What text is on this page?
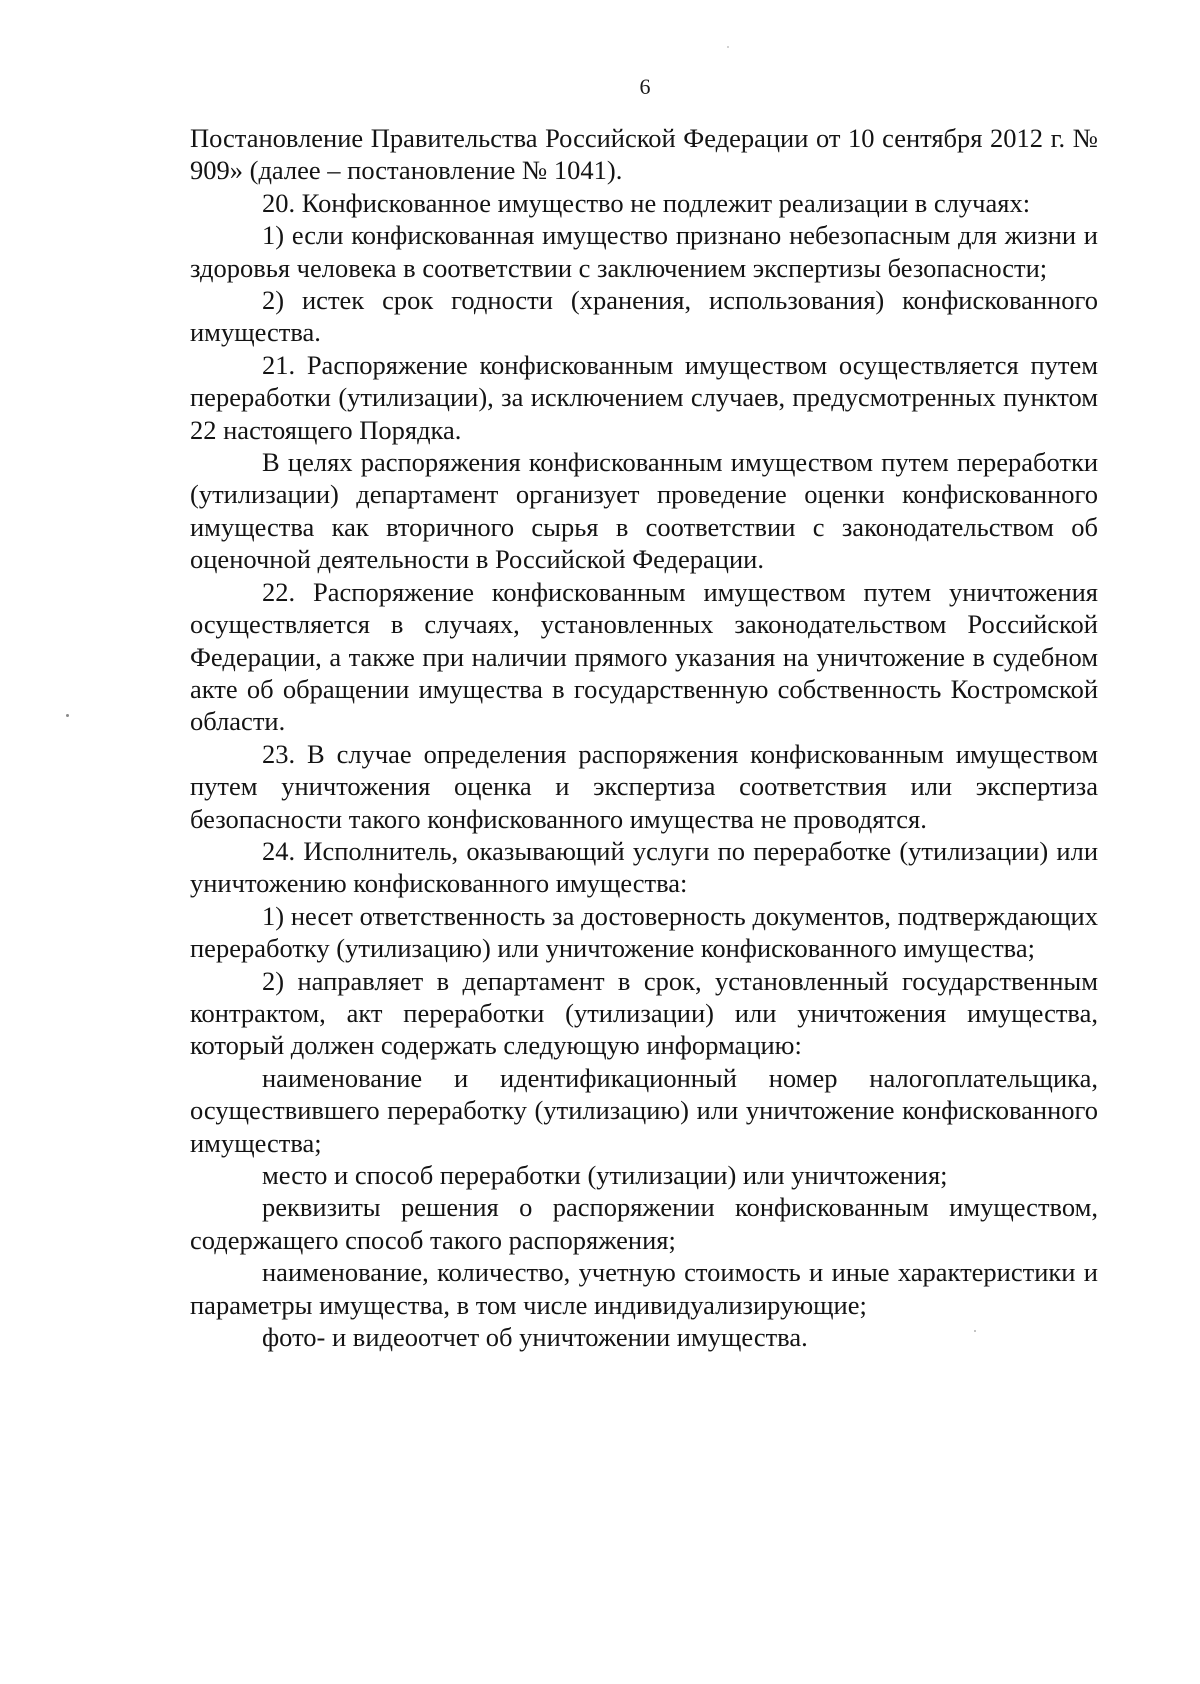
6

Постановление Правительства Российской Федерации от 10 сентября 2012 г. № 909» (далее – постановление № 1041).

20. Конфискованное имущество не подлежит реализации в случаях:

1) если конфискованная имущество признано небезопасным для жизни и здоровья человека в соответствии с заключением экспертизы безопасности;

2) истек срок годности (хранения, использования) конфискованного имущества.

21. Распоряжение конфискованным имуществом осуществляется путем переработки (утилизации), за исключением случаев, предусмотренных пунктом 22 настоящего Порядка.

В целях распоряжения конфискованным имуществом путем переработки (утилизации) департамент организует проведение оценки конфискованного имущества как вторичного сырья в соответствии с законодательством об оценочной деятельности в Российской Федерации.

22. Распоряжение конфискованным имуществом путем уничтожения осуществляется в случаях, установленных законодательством Российской Федерации, а также при наличии прямого указания на уничтожение в судебном акте об обращении имущества в государственную собственность Костромской области.

23. В случае определения распоряжения конфискованным имуществом путем уничтожения оценка и экспертиза соответствия или экспертиза безопасности такого конфискованного имущества не проводятся.

24. Исполнитель, оказывающий услуги по переработке (утилизации) или уничтожению конфискованного имущества:

1) несет ответственность за достоверность документов, подтверждающих переработку (утилизацию) или уничтожение конфискованного имущества;

2) направляет в департамент в срок, установленный государственным контрактом, акт переработки (утилизации) или уничтожения имущества, который должен содержать следующую информацию:

наименование и идентификационный номер налогоплательщика, осуществившего переработку (утилизацию) или уничтожение конфискованного имущества;

место и способ переработки (утилизации) или уничтожения;

реквизиты решения о распоряжении конфискованным имуществом, содержащего способ такого распоряжения;

наименование, количество, учетную стоимость и иные характеристики и параметры имущества, в том числе индивидуализирующие;

фото- и видеоотчет об уничтожении имущества.
